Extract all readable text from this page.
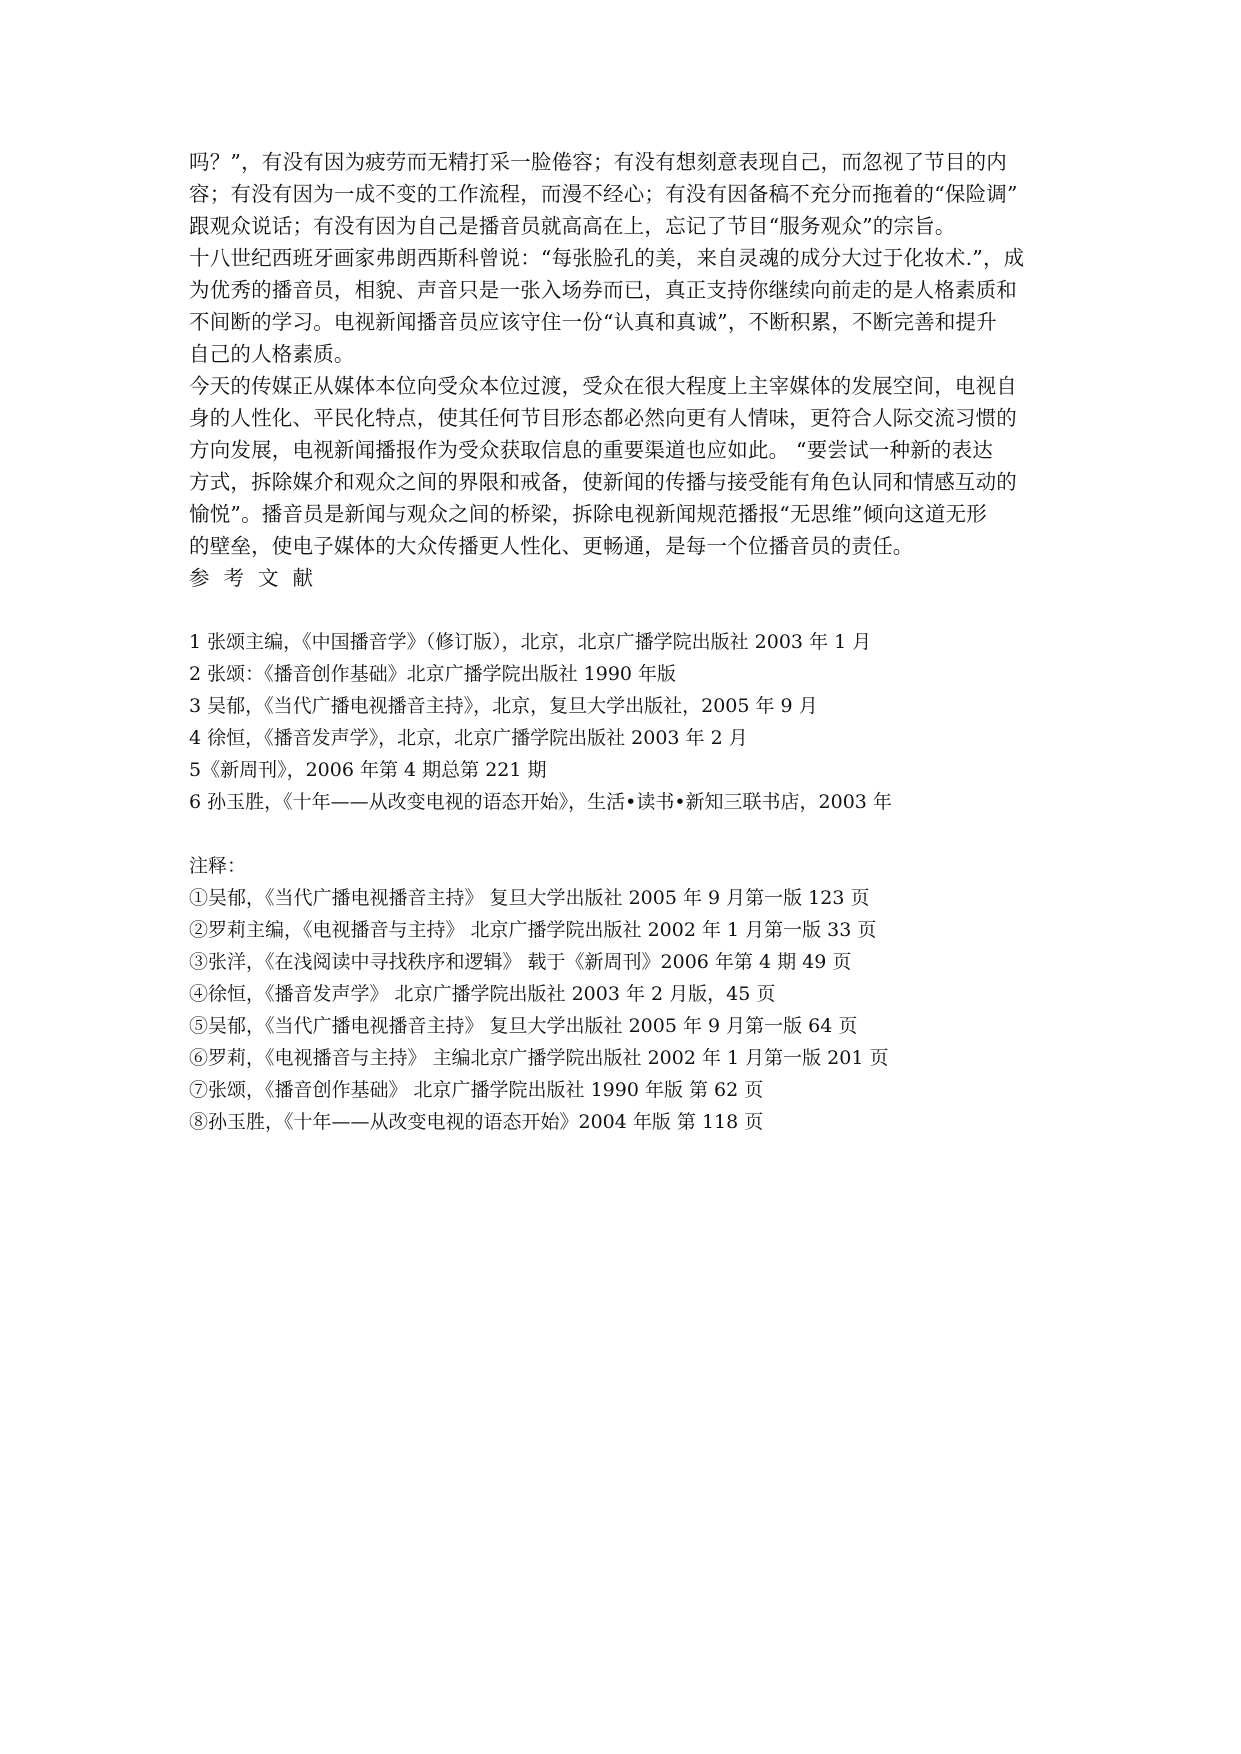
吗？”，有没有因为疲劳而无精打采一脸倦容；有没有想刻意表现自己，而忽视了节目的内
容；有没有因为一成不变的工作流程，而漫不经心；有没有因备稿不充分而拖着的“保险调”
跟观众说话；有没有因为自己是播音员就高高在上，忘记了节目“服务观众”的宗旨。

十八世纪西班牙画家弗朗西斯科曾说：“每张脸孔的美，来自灵魂的成分大过于化妆术.”，成
为优秀的播音员，相貌、声音只是一张入场券而已，真正支持你继续向前走的是人格素质和
不间断的学习。电视新闻播音员应该守住一份“认真和真诚”，不断积累，不断完善和提升
自己的人格素质。

今天的传媒正从媒体本位向受众本位过渡，受众在很大程度上主宰媒体的发展空间，电视自
身的人性化、平民化特点，使其任何节目形态都必然向更有人情味，更符合人际交流习惯的
方向发展，电视新闻播报作为受众获取信息的重要渠道也应如此。 “要尝试一种新的表达
方式，拆除媒介和观众之间的界限和戒备，使新闻的传播与接受能有角色认同和情感互动的
愉悦”。播音员是新闻与观众之间的桥梁，拆除电视新闻规范播报“无思维”倾向这道无形
的壁垒，使电子媒体的大众传播更人性化、更畅通，是每一个位播音员的责任。

参考文献

1 张颂主编，《中国播音学》（修订版），北京，北京广播学院出版社 2003 年 1 月
2 张颂：《播音创作基础》北京广播学院出版社 1990 年版
3 吴郁，《当代广播电视播音主持》，北京，复旦大学出版社，2005 年 9 月
4 徐恒，《播音发声学》，北京，北京广播学院出版社 2003 年 2 月
5《新周刊》，2006 年第 4 期总第 221 期
6 孙玉胜，《十年——从改变电视的语态开始》，生活•读书•新知三联书店，2003 年

注释：

①吴郁，《当代广播电视播音主持》 复旦大学出版社 2005 年 9 月第一版 123 页
②罗莉主编，《电视播音与主持》 北京广播学院出版社 2002 年 1 月第一版 33 页
③张洋，《在浅阅读中寻找秩序和逻辑》 载于《新周刊》2006 年第 4 期 49 页
④徐恒，《播音发声学》 北京广播学院出版社 2003 年 2 月版，45 页
⑤吴郁，《当代广播电视播音主持》 复旦大学出版社 2005 年 9 月第一版 64 页
⑥罗莉，《电视播音与主持》 主编北京广播学院出版社 2002 年 1 月第一版 201 页
⑦张颂，《播音创作基础》 北京广播学院出版社 1990 年版 第 62 页
⑧孙玉胜，《十年——从改变电视的语态开始》2004 年版 第 118 页
